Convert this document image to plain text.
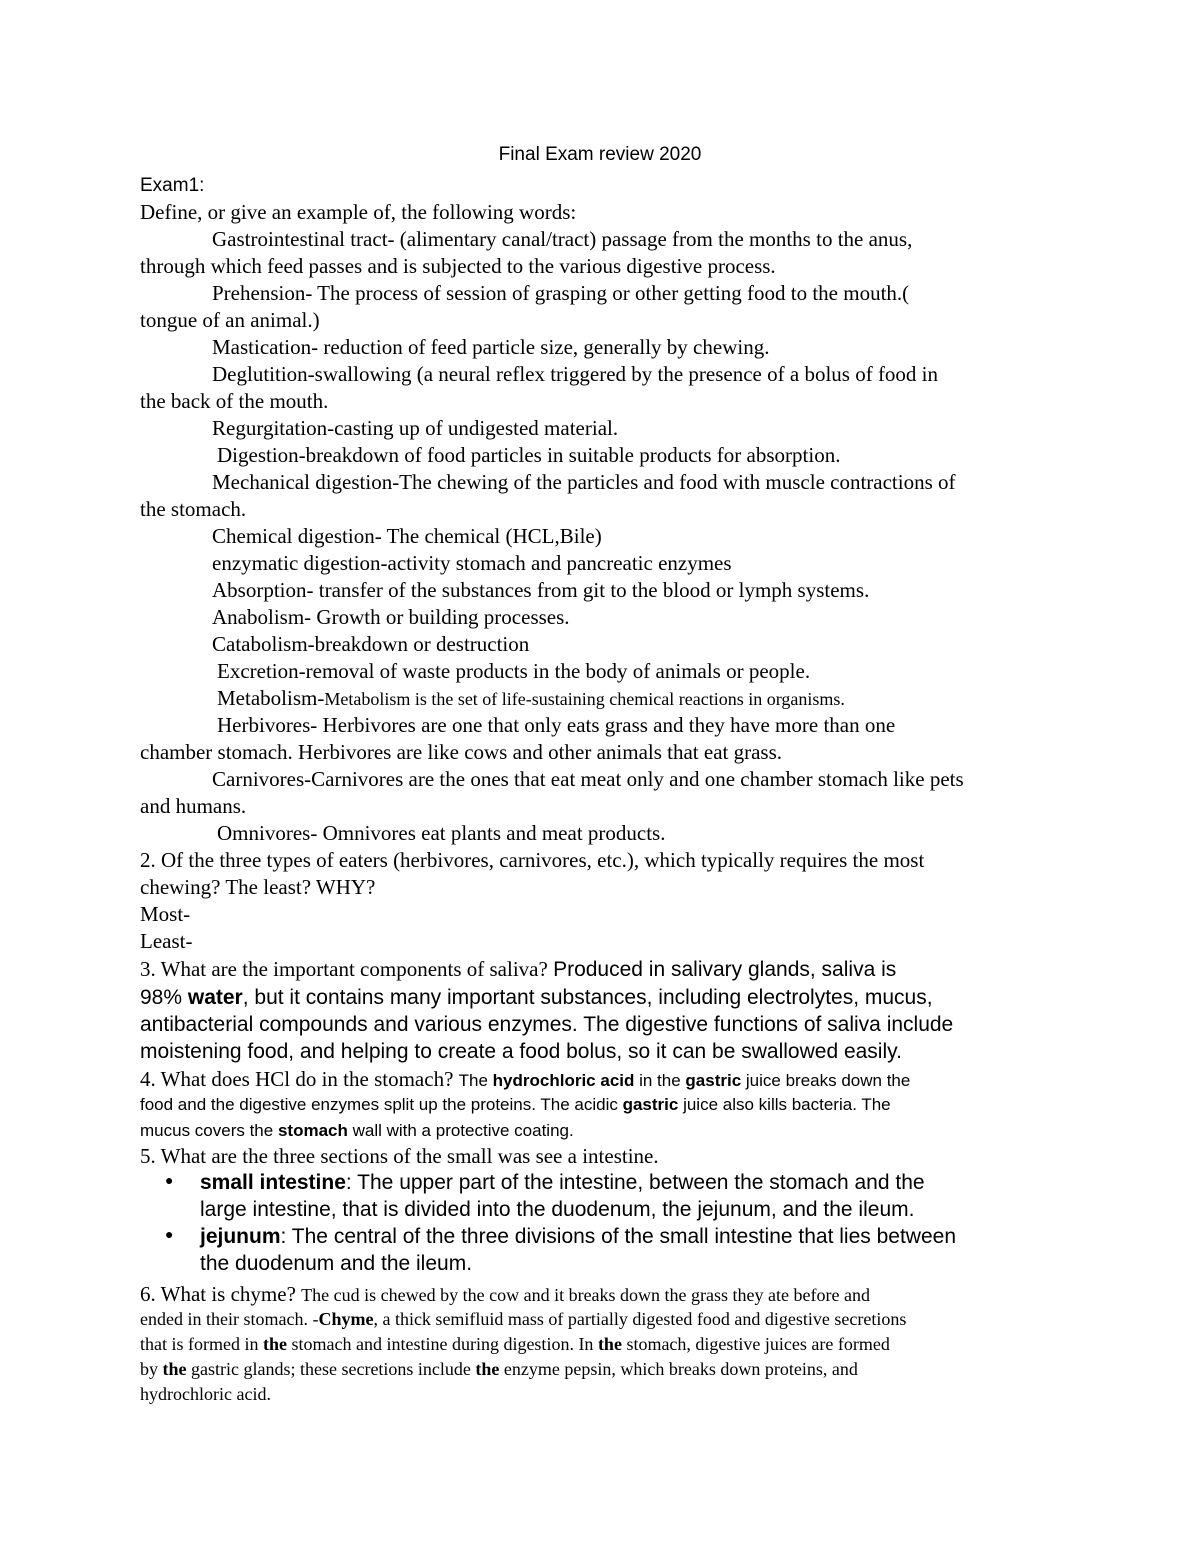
Final Exam review 2020
Exam1:
Define, or give an example of, the following words:
Gastrointestinal tract- (alimentary canal/tract) passage from the months to the anus,
through which feed passes and is subjected to the various digestive process.
Prehension- The process of session of grasping or other getting food to the mouth.(
tongue of an animal.)
Mastication- reduction of feed particle size, generally by chewing.
Deglutition-swallowing (a neural reflex triggered by the presence of a bolus of food in
the back of the mouth.
Regurgitation-casting up of undigested material.
Digestion-breakdown of food particles in suitable products for absorption.
Mechanical digestion-The chewing of the particles and food with muscle contractions of
the stomach.
Chemical digestion- The chemical (HCL,Bile)
enzymatic digestion-activity stomach and pancreatic enzymes
Absorption- transfer of the substances from git to the blood or lymph systems.
Anabolism- Growth or building processes.
Catabolism-breakdown or destruction
Excretion-removal of waste products in the body of animals or people.
Metabolism-Metabolism is the set of life-sustaining chemical reactions in organisms.
Herbivores- Herbivores are one that only eats grass and they have more than one
chamber stomach. Herbivores are like cows and other animals that eat grass.
Carnivores-Carnivores are the ones that eat meat only and one chamber stomach like pets
and humans.
Omnivores- Omnivores eat plants and meat products.
2. Of the three types of eaters (herbivores, carnivores, etc.), which typically requires the most
chewing? The least? WHY?
Most-
Least-
3. What are the important components of saliva? Produced in salivary glands, saliva is
98% water, but it contains many important substances, including electrolytes, mucus,
antibacterial compounds and various enzymes. The digestive functions of saliva include
moistening food, and helping to create a food bolus, so it can be swallowed easily.
4. What does HCl do in the stomach? The hydrochloric acid in the gastric juice breaks down the
food and the digestive enzymes split up the proteins. The acidic gastric juice also kills bacteria. The
mucus covers the stomach wall with a protective coating.
5. What are the three sections of the small was see a intestine.
● small intestine: The upper part of the intestine, between the stomach and the
large intestine, that is divided into the duodenum, the jejunum, and the ileum.
● jejunum: The central of the three divisions of the small intestine that lies between
the duodenum and the ileum.
6. What is chyme? The cud is chewed by the cow and it breaks down the grass they ate before and
ended in their stomach. -Chyme, a thick semifluid mass of partially digested food and digestive secretions
that is formed in the stomach and intestine during digestion. In the stomach, digestive juices are formed
by the gastric glands; these secretions include the enzyme pepsin, which breaks down proteins, and
hydrochloric acid.
